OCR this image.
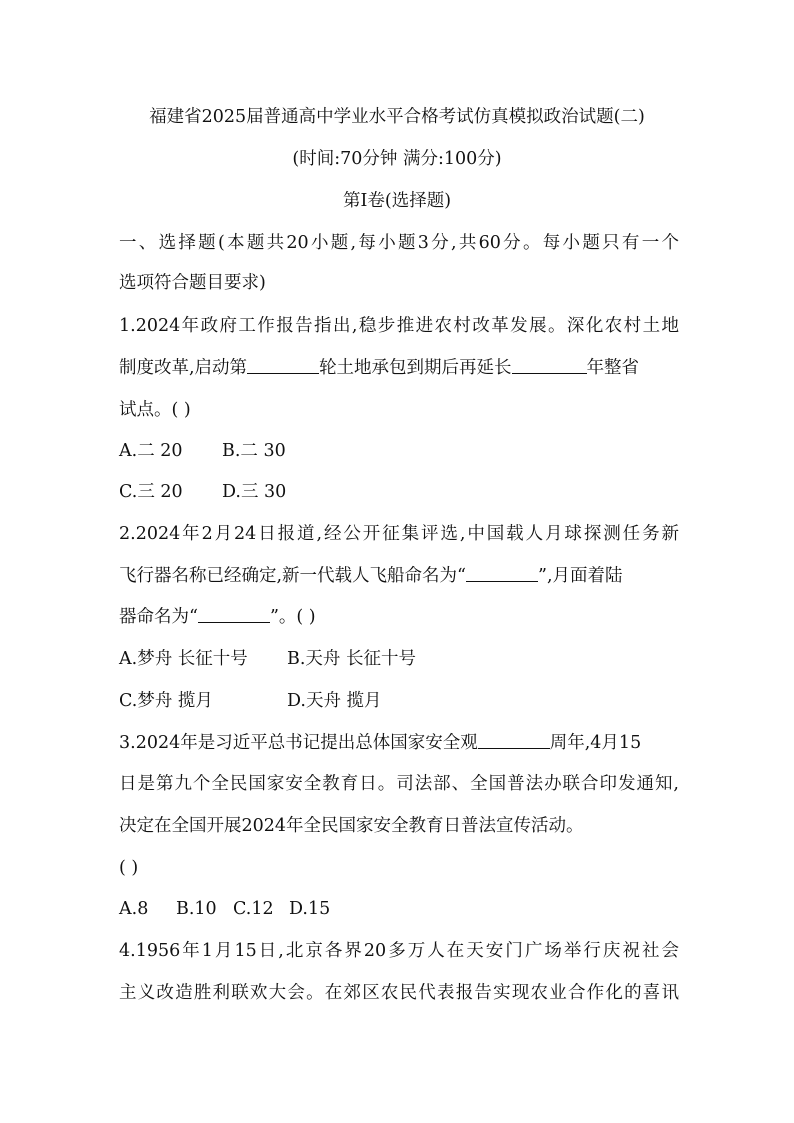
福建省2025届普通高中学业水平合格考试仿真模拟政治试题(二)
(时间:70分钟 满分:100分)
第Ⅰ卷(选择题)
一、选择题(本题共20小题,每小题3分,共60分。每小题只有一个
选项符合题目要求)
1.2024年政府工作报告指出,稳步推进农村改革发展。深化农村土地
制度改革,启动第	轮土地承包到期后再延长	年整省
试点。( )
A.二 20 B.二 30
C.三 20 D.三 30
2.2024年2月24日报道,经公开征集评选,中国载人月球探测任务新
飞行器名称已经确定,新一代载人飞船命名为“	”,月面着陆
器命名为“	”。( )
A.梦舟 长征十号 B.天舟 长征十号
C.梦舟 揽月	D.天舟 揽月
3.2024年是习近平总书记提出总体国家安全观	周年,4月15
日是第九个全民国家安全教育日。司法部、全国普法办联合印发通知,
决定在全国开展2024年全民国家安全教育日普法宣传活动。
( )
A.8 B.10 C.12 D.15
4.1956年1月15日,北京各界20多万人在天安门广场举行庆祝社会
主义改造胜利联欢大会。在郊区农民代表报告实现农业合作化的喜讯
